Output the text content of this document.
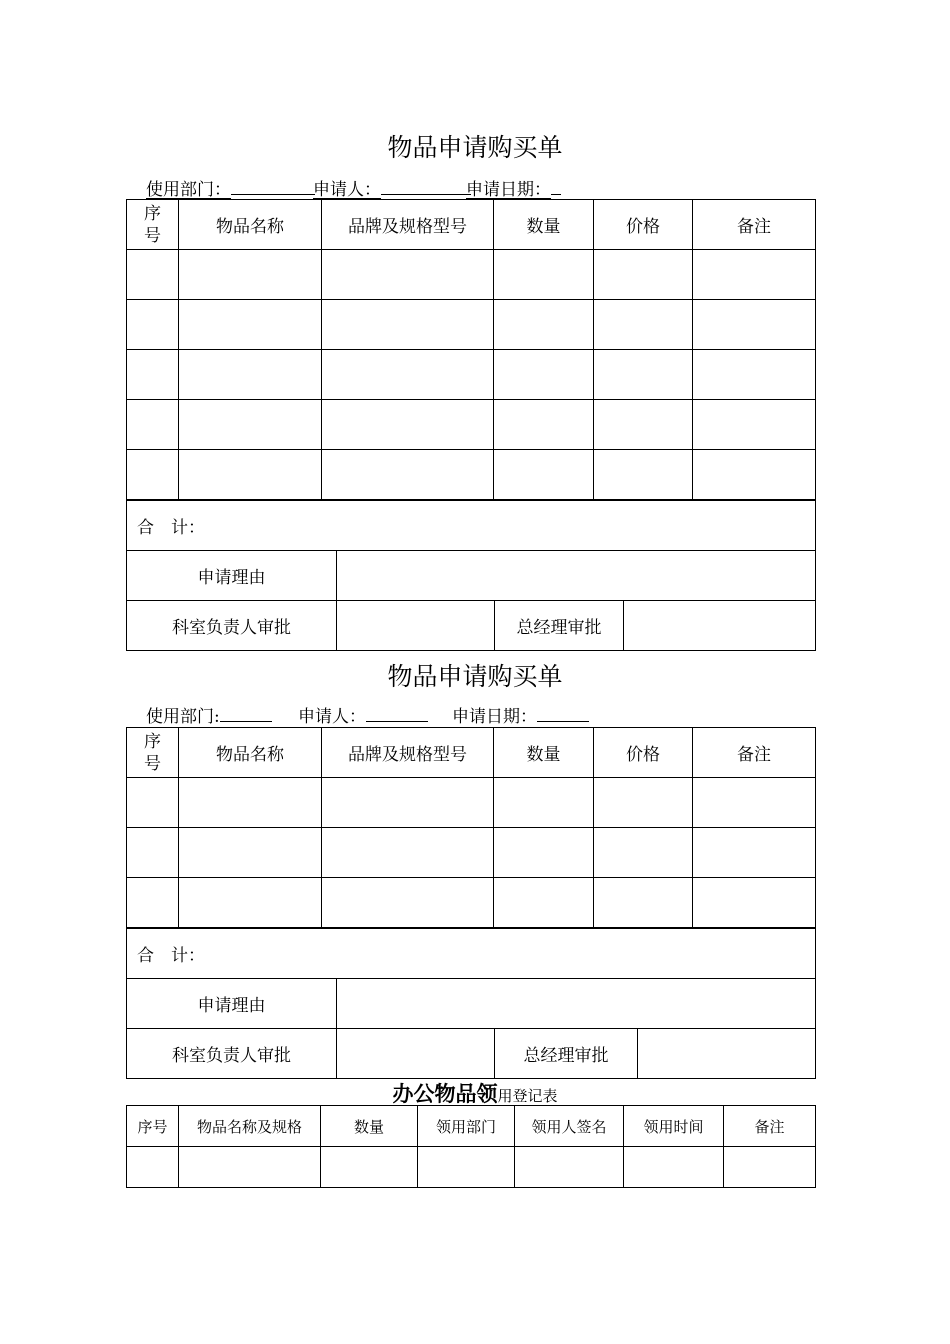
物品申请购买单
使用部门：	申请人：	申请日期：
序
号	物品名称	品牌及规格型号	数量	价格	备注

合　计：			
申请理由			
科室负责人审批		总经理审批	
物品申请购买单
使用部门:	申请人：	申请日期：
序
号	物品名称	品牌及规格型号	数量	价格	备注

合　计：			
申请理由			
科室负责人审批		总经理审批	
办公物品领用登记表
序号	物品名称及规格	数量	领用部门	领用人签名	领用时间	备注
